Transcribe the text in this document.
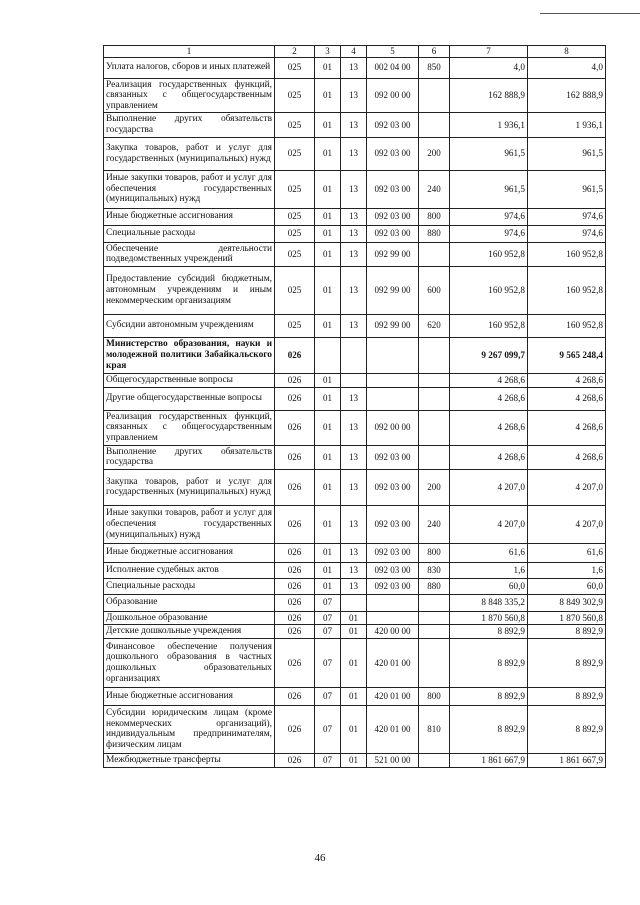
1	2	3	4	5	6	7	8
Уплата налогов, сборов и иных платежей	025	01	13	002 04 00	850	4,0	4,0
Реализация государственных функций, связанных с общегосударственным управлением	025	01	13	092 00 00		162 888,9	162 888,9
Выполнение других обязательств государства	025	01	13	092 03 00		1 936,1	1 936,1
Закупка товаров, работ и услуг для государственных (муниципальных) нужд	025	01	13	092 03 00	200	961,5	961,5
Иные закупки товаров, работ и услуг для обеспечения государственных (муниципальных) нужд	025	01	13	092 03 00	240	961,5	961,5
Иные бюджетные ассигнования	025	01	13	092 03 00	800	974,6	974,6
Специальные расходы	025	01	13	092 03 00	880	974,6	974,6
Обеспечение деятельности подведомственных учреждений	025	01	13	092 99 00		160 952,8	160 952,8
Предоставление субсидий бюджетным, автономным учреждениям и иным некоммерческим организациям	025	01	13	092 99 00	600	160 952,8	160 952,8
Субсидии автономным учреждениям	025	01	13	092 99 00	620	160 952,8	160 952,8
Министерство образования, науки и молодежной политики Забайкальского края	026					9 267 099,7	9 565 248,4
Общегосударственные вопросы	026	01				4 268,6	4 268,6
Другие общегосударственные вопросы	026	01	13			4 268,6	4 268,6
Реализация государственных функций, связанных с общегосударственным управлением	026	01	13	092 00 00		4 268,6	4 268,6
Выполнение других обязательств государства	026	01	13	092 03 00		4 268,6	4 268,6
Закупка товаров, работ и услуг для государственных (муниципальных) нужд	026	01	13	092 03 00	200	4 207,0	4 207,0
Иные закупки товаров, работ и услуг для обеспечения государственных (муниципальных) нужд	026	01	13	092 03 00	240	4 207,0	4 207,0
Иные бюджетные ассигнования	026	01	13	092 03 00	800	61,6	61,6
Исполнение судебных актов	026	01	13	092 03 00	830	1,6	1,6
Специальные расходы	026	01	13	092 03 00	880	60,0	60,0
Образование	026	07				8 848 335,2	8 849 302,9
Дошкольное образование	026	07	01			1 870 560,8	1 870 560,8
Детские дошкольные учреждения	026	07	01	420 00 00		8 892,9	8 892,9
Финансовое обеспечение получения дошкольного образования в частных дошкольных образовательных организациях	026	07	01	420 01 00		8 892,9	8 892,9
Иные бюджетные ассигнования	026	07	01	420 01 00	800	8 892,9	8 892,9
Субсидии юридическим лицам (кроме некоммерческих организаций), индивидуальным предпринимателям, физическим лицам	026	07	01	420 01 00	810	8 892,9	8 892,9
Межбюджетные трансферты	026	07	01	521 00 00		1 861 667,9	1 861 667,9
46
